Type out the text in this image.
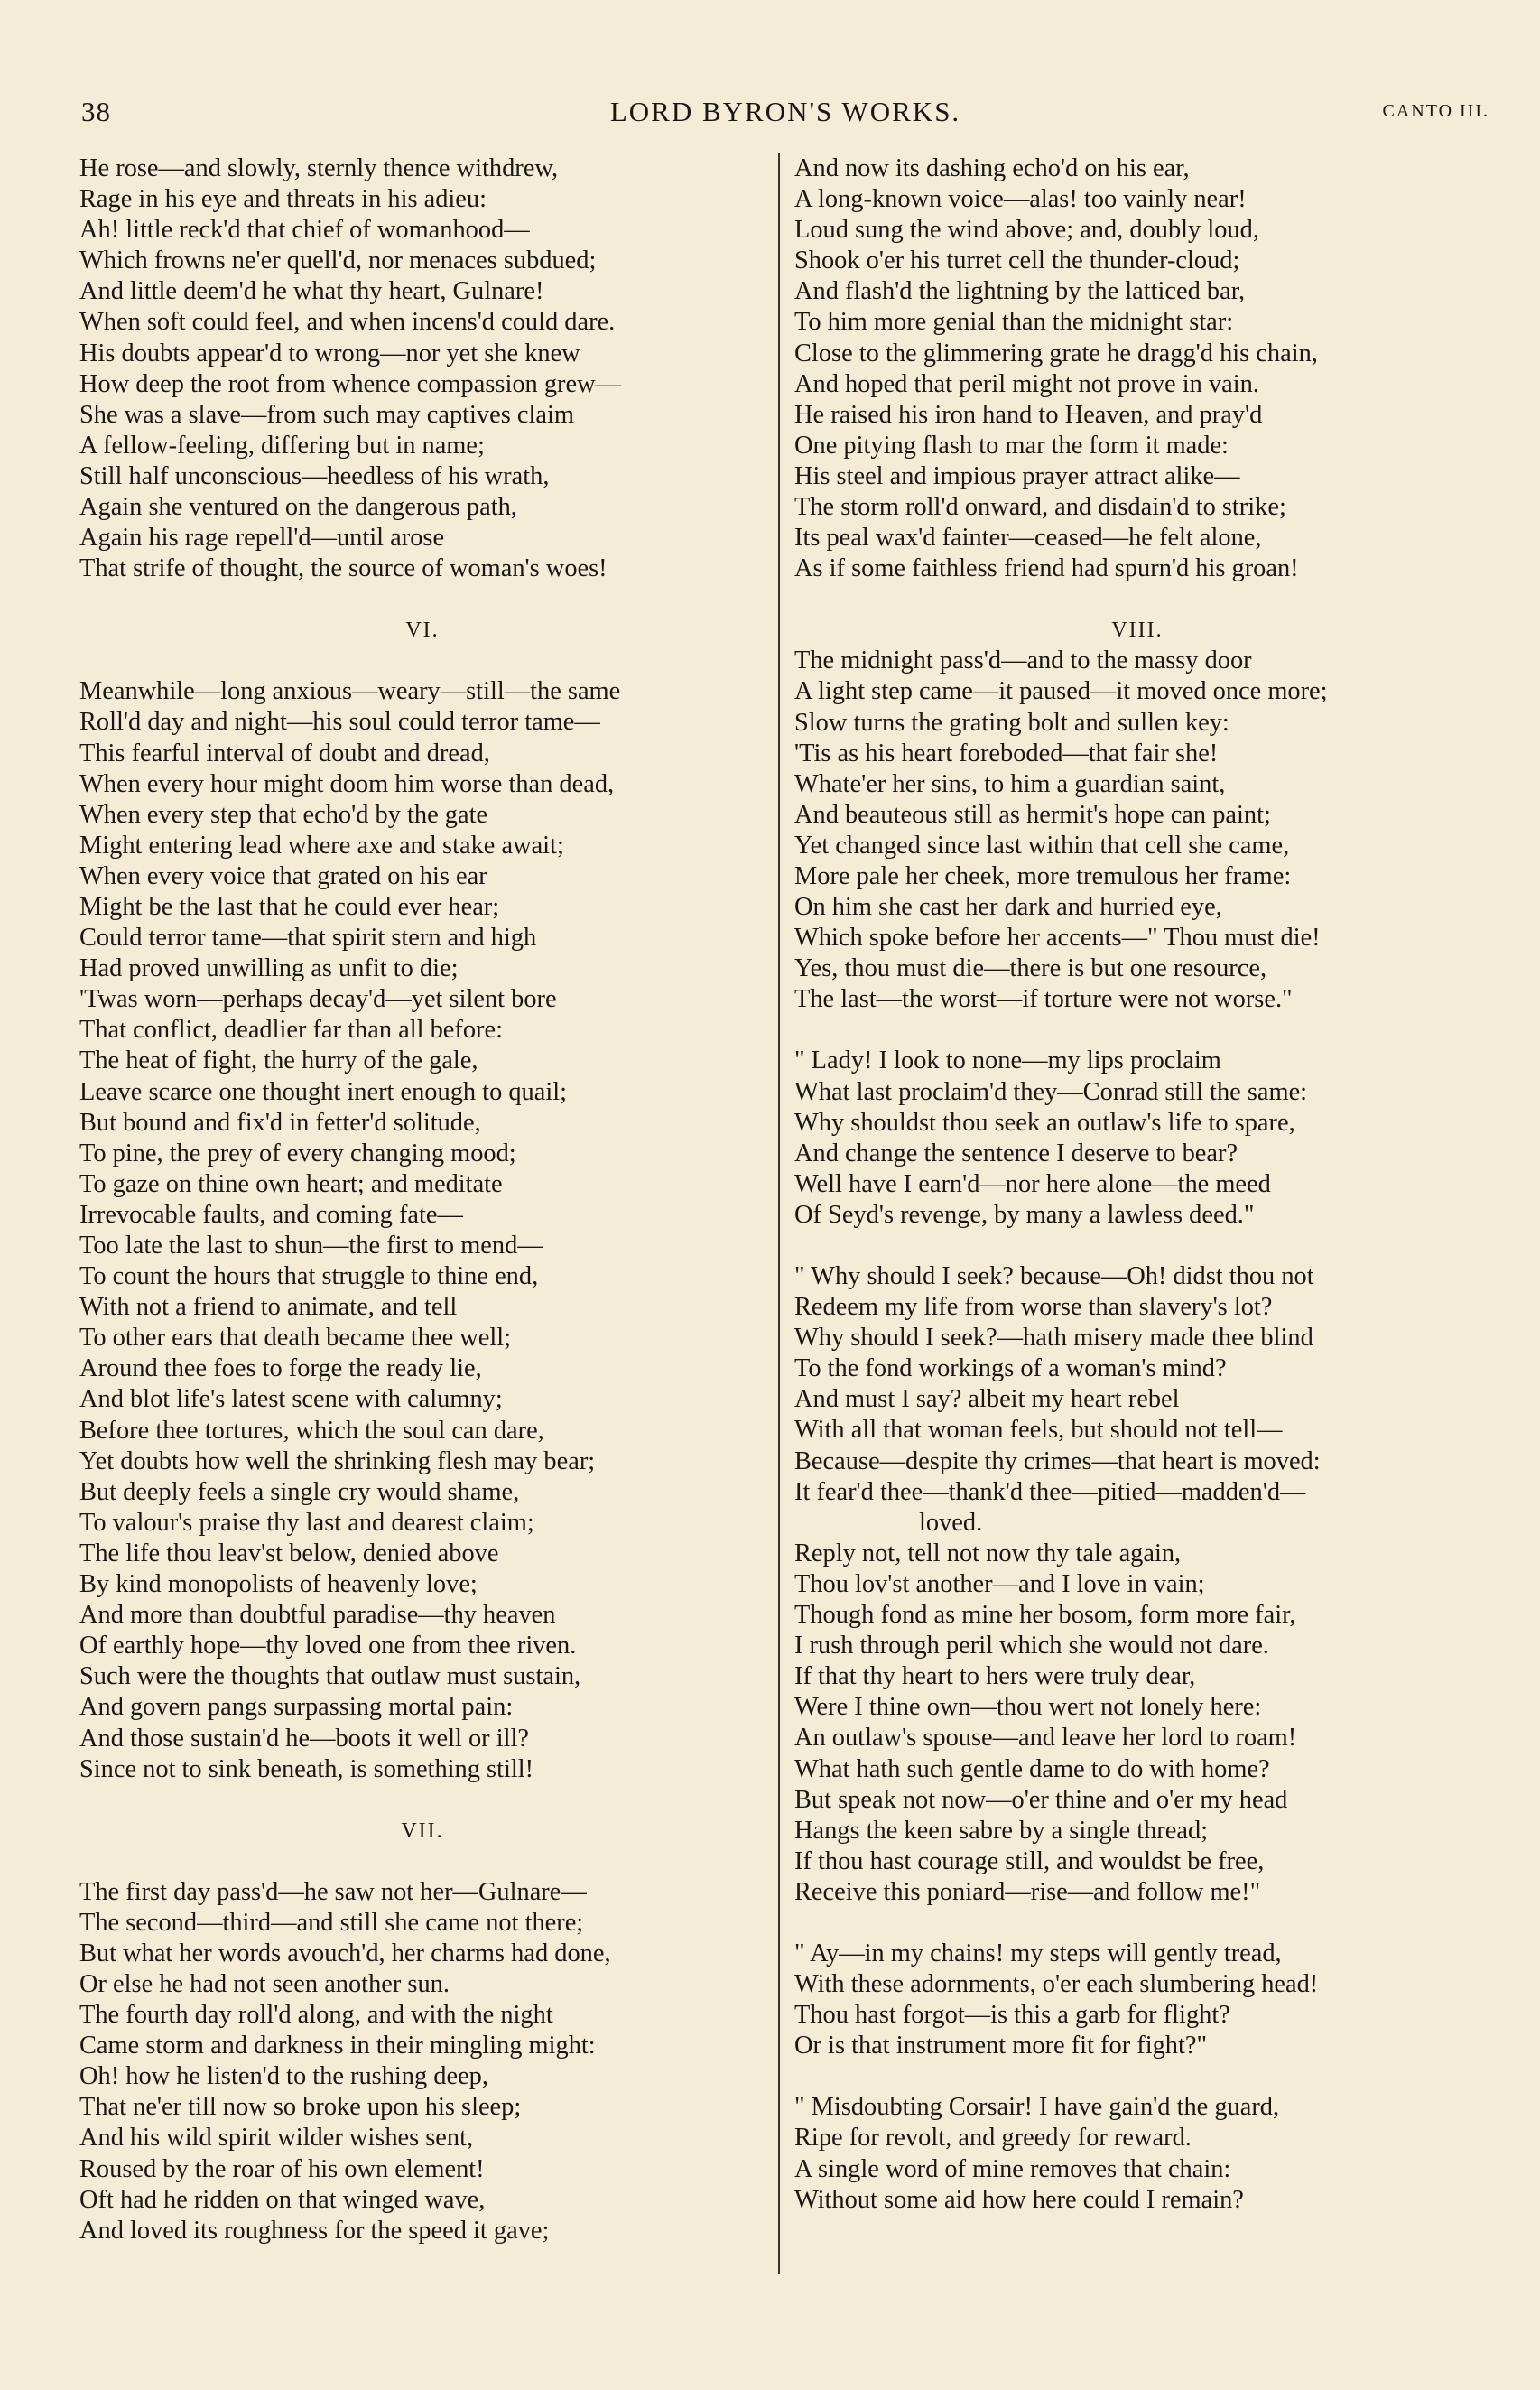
38	LORD BYRON'S WORKS.	CANTO III.
He rose—and slowly, sternly thence withdrew,
Rage in his eye and threats in his adieu:
Ah! little reck'd that chief of womanhood—
Which frowns ne'er quell'd, nor menaces subdued;
And little deem'd he what thy heart, Gulnare!
When soft could feel, and when incens'd could dare.
His doubts appear'd to wrong—nor yet she knew
How deep the root from whence compassion grew—
She was a slave—from such may captives claim
A fellow-feeling, differing but in name;
Still half unconscious—heedless of his wrath,
Again she ventured on the dangerous path,
Again his rage repell'd—until arose
That strife of thought, the source of woman's woes!
VI.
Meanwhile—long anxious—weary—still—the same
Roll'd day and night—his soul could terror tame—
This fearful interval of doubt and dread,
When every hour might doom him worse than dead,
When every step that echo'd by the gate
Might entering lead where axe and stake await;
When every voice that grated on his ear
Might be the last that he could ever hear;
Could terror tame—that spirit stern and high
Had proved unwilling as unfit to die;
'Twas worn—perhaps decay'd—yet silent bore
That conflict, deadlier far than all before:
The heat of fight, the hurry of the gale,
Leave scarce one thought inert enough to quail;
But bound and fix'd in fetter'd solitude,
To pine, the prey of every changing mood;
To gaze on thine own heart; and meditate
Irrevocable faults, and coming fate—
Too late the last to shun—the first to mend—
To count the hours that struggle to thine end,
With not a friend to animate, and tell
To other ears that death became thee well;
Around thee foes to forge the ready lie,
And blot life's latest scene with calumny;
Before thee tortures, which the soul can dare,
Yet doubts how well the shrinking flesh may bear;
But deeply feels a single cry would shame,
To valour's praise thy last and dearest claim;
The life thou leav'st below, denied above
By kind monopolists of heavenly love;
And more than doubtful paradise—thy heaven
Of earthly hope—thy loved one from thee riven.
Such were the thoughts that outlaw must sustain,
And govern pangs surpassing mortal pain:
And those sustain'd he—boots it well or ill?
Since not to sink beneath, is something still!
VII.
The first day pass'd—he saw not her—Gulnare—
The second—third—and still she came not there;
But what her words avouch'd, her charms had done,
Or else he had not seen another sun.
The fourth day roll'd along, and with the night
Came storm and darkness in their mingling might:
Oh! how he listen'd to the rushing deep,
That ne'er till now so broke upon his sleep;
And his wild spirit wilder wishes sent,
Roused by the roar of his own element!
Oft had he ridden on that winged wave,
And loved its roughness for the speed it gave;
And now its dashing echo'd on his ear,
A long-known voice—alas! too vainly near!
Loud sung the wind above; and, doubly loud,
Shook o'er his turret cell the thunder-cloud;
And flash'd the lightning by the latticed bar,
To him more genial than the midnight star:
Close to the glimmering grate he dragg'd his chain,
And hoped that peril might not prove in vain.
He raised his iron hand to Heaven, and pray'd
One pitying flash to mar the form it made:
His steel and impious prayer attract alike—
The storm roll'd onward, and disdain'd to strike;
Its peal wax'd fainter—ceased—he felt alone,
As if some faithless friend had spurn'd his groan!
VIII.
The midnight pass'd—and to the massy door
A light step came—it paused—it moved once more;
Slow turns the grating bolt and sullen key:
'Tis as his heart foreboded—that fair she!
Whate'er her sins, to him a guardian saint,
And beauteous still as hermit's hope can paint;
Yet changed since last within that cell she came,
More pale her cheek, more tremulous her frame:
On him she cast her dark and hurried eye,
Which spoke before her accents—" Thou must die!
Yes, thou must die—there is but one resource,
The last—the worst—if torture were not worse."
" Lady! I look to none—my lips proclaim
What last proclaim'd they—Conrad still the same:
Why shouldst thou seek an outlaw's life to spare,
And change the sentence I deserve to bear?
Well have I earn'd—nor here alone—the meed
Of Seyd's revenge, by many a lawless deed."
" Why should I seek? because—Oh! didst thou not
Redeem my life from worse than slavery's lot?
Why should I seek?—hath misery made thee blind
To the fond workings of a woman's mind?
And must I say? albeit my heart rebel
With all that woman feels, but should not tell—
Because—despite thy crimes—that heart is moved:
It fear'd thee—thank'd thee—pitied—madden'd—
loved.
Reply not, tell not now thy tale again,
Thou lov'st another—and I love in vain;
Though fond as mine her bosom, form more fair,
I rush through peril which she would not dare.
If that thy heart to hers were truly dear,
Were I thine own—thou wert not lonely here:
An outlaw's spouse—and leave her lord to roam!
What hath such gentle dame to do with home?
But speak not now—o'er thine and o'er my head
Hangs the keen sabre by a single thread;
If thou hast courage still, and wouldst be free,
Receive this poniard—rise—and follow me!"
" Ay—in my chains! my steps will gently tread,
With these adornments, o'er each slumbering head!
Thou hast forgot—is this a garb for flight?
Or is that instrument more fit for fight?"
" Misdoubting Corsair! I have gain'd the guard,
Ripe for revolt, and greedy for reward.
A single word of mine removes that chain:
Without some aid how here could I remain?
